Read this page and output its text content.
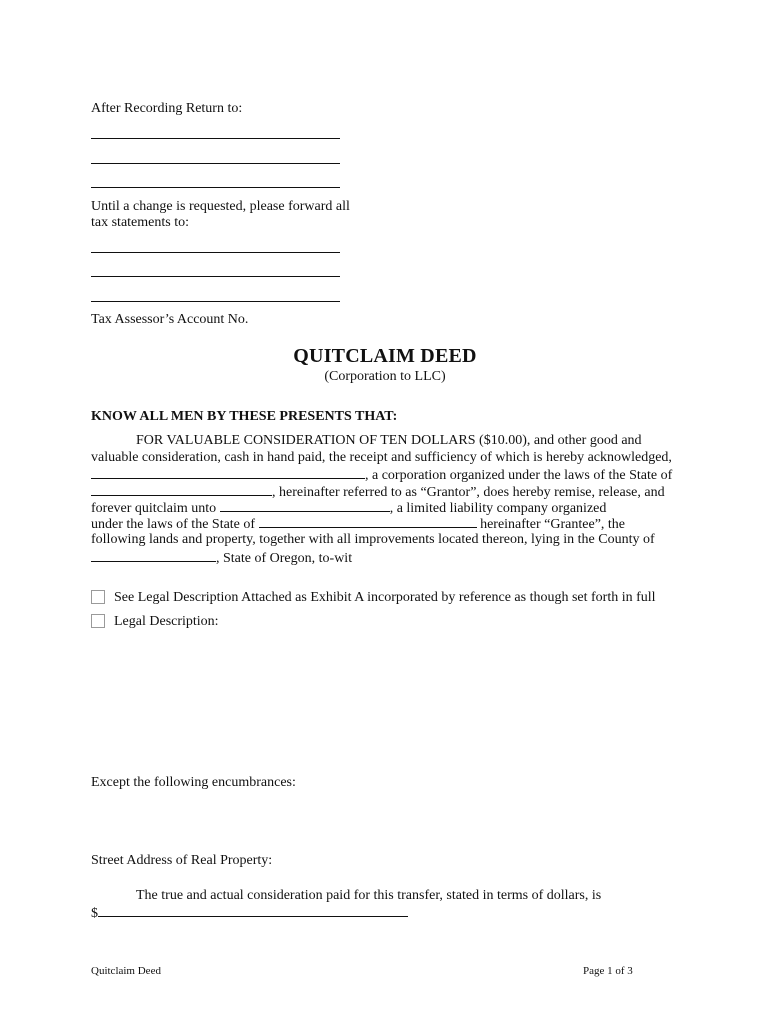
After Recording Return to:

Until a change is requested, please forward all

tax statements to:

Tax Assessor’s Account No.

QUITCLAIM DEED

(Corporation to LLC)

KNOW ALL MEN BY THESE PRESENTS THAT:

FOR VALUABLE CONSIDERATION OF TEN DOLLARS ($10.00), and other good and

valuable consideration, cash in hand paid, the receipt and sufficiency of which is hereby acknowledged,

, a corporation organized under the laws of the State of

, hereinafter referred to as “Grantor”, does hereby remise, release, and

forever quitclaim unto	, a limited liability company organized

under the laws of the State of	hereinafter “Grantee”, the

following lands and property, together with all improvements located thereon, lying in the County of

, State of Oregon, to-wit

See Legal Description Attached as Exhibit A incorporated by reference as though set forth in full

Legal Description:

Except the following encumbrances:

Street Address of Real Property:

The true and actual consideration paid for this transfer, stated in terms of dollars, is

$

Quitclaim Deed	Page 1 of 3
